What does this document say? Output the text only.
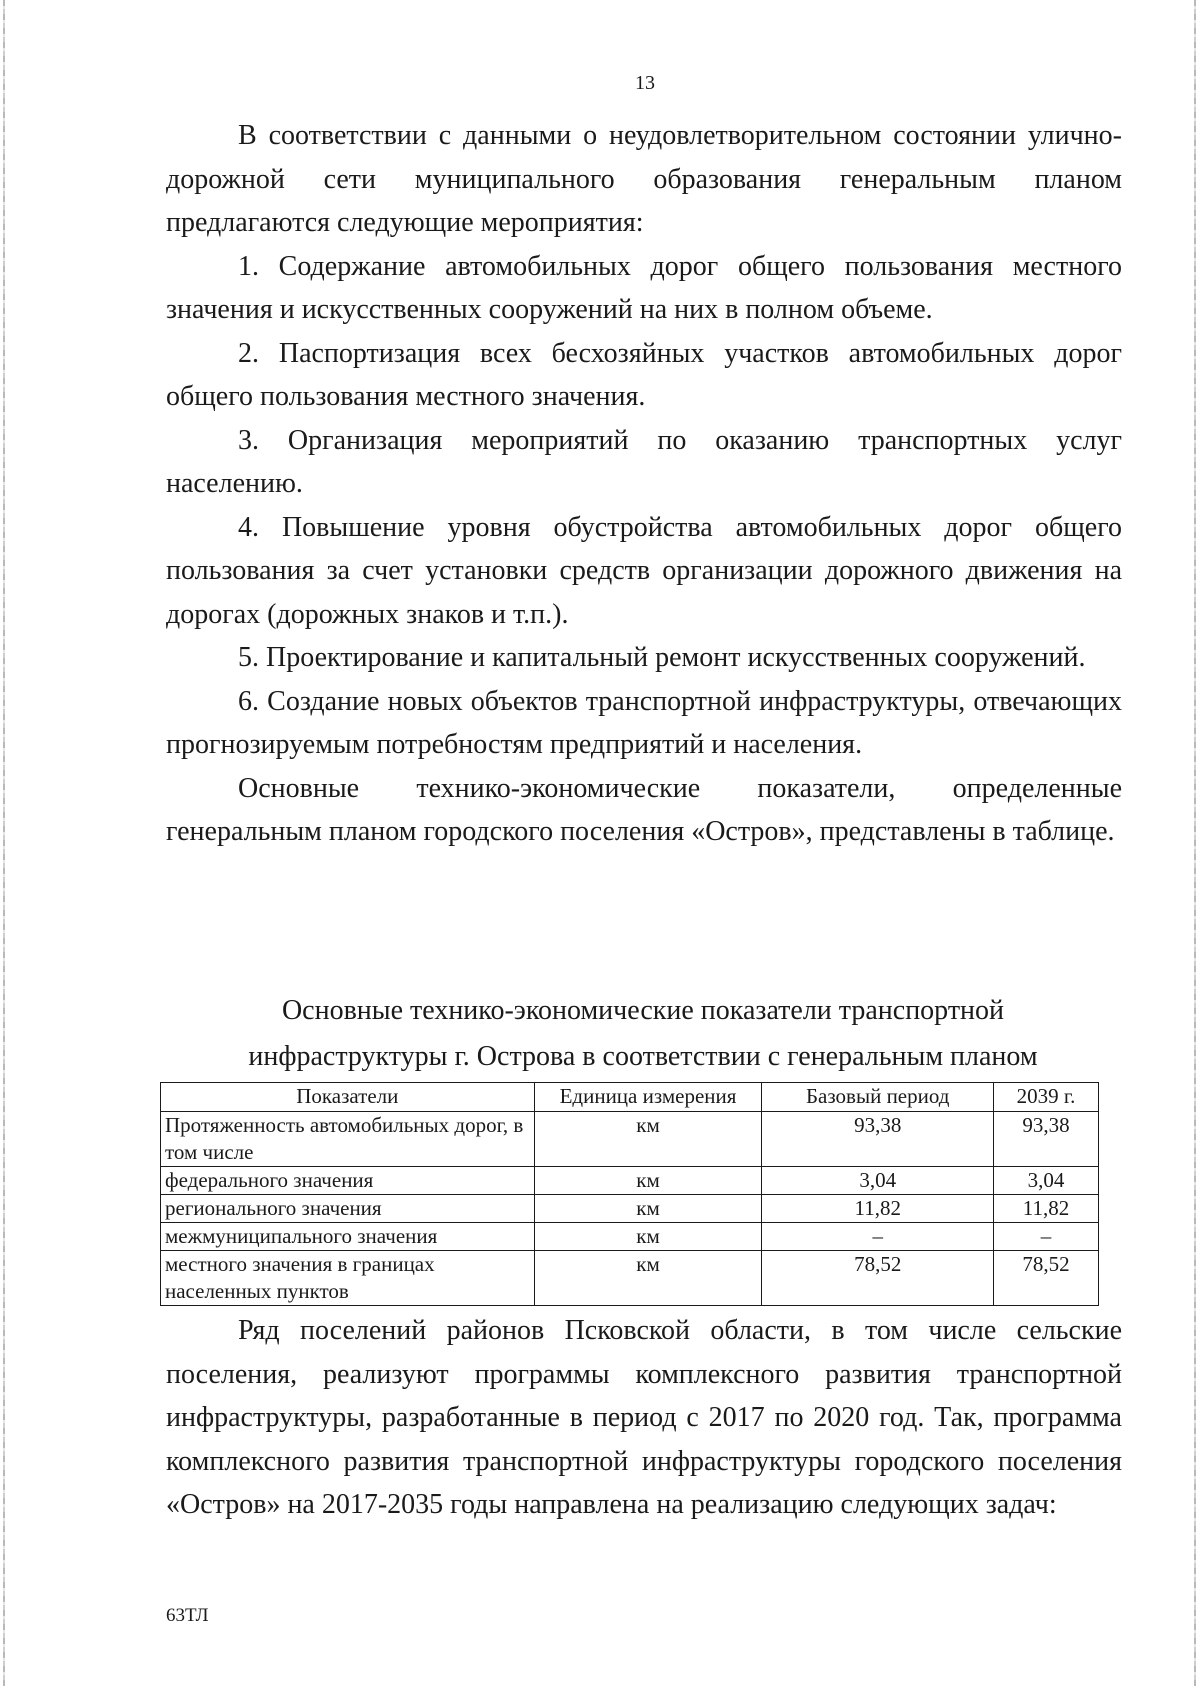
13

В соответствии с данными о неудовлетворительном состоянии улично-дорожной сети муниципального образования генеральным планом предлагаются следующие мероприятия:

1. Содержание автомобильных дорог общего пользования местного значения и искусственных сооружений на них в полном объеме.

2. Паспортизация всех бесхозяйных участков автомобильных дорог общего пользования местного значения.

3. Организация мероприятий по оказанию транспортных услуг населению.

4. Повышение уровня обустройства автомобильных дорог общего пользования за счет установки средств организации дорожного движения на дорогах (дорожных знаков и т.п.).

5. Проектирование и капитальный ремонт искусственных сооружений.

6. Создание новых объектов транспортной инфраструктуры, отвечающих прогнозируемым потребностям предприятий и населения.

Основные технико-экономические показатели, определенные генеральным планом городского поселения «Остров», представлены в таблице.

Основные технико-экономические показатели транспортной
инфраструктуры г. Острова в соответствии с генеральным планом
Показатели	Единица измерения	Базовый период	2039 г.
Протяженность автомобильных дорог, в том числе	км	93,38	93,38
федерального значения	км	3,04	3,04
регионального значения	км	11,82	11,82
межмуниципального значения	км	–	–
местного значения в границах населенных пунктов	км	78,52	78,52

Ряд поселений районов Псковской области, в том числе сельские поселения, реализуют программы комплексного развития транспортной инфраструктуры, разработанные в период с 2017 по 2020 год. Так, программа комплексного развития транспортной инфраструктуры городского поселения «Остров» на 2017-2035 годы направлена на реализацию следующих задач:

63ТЛ
